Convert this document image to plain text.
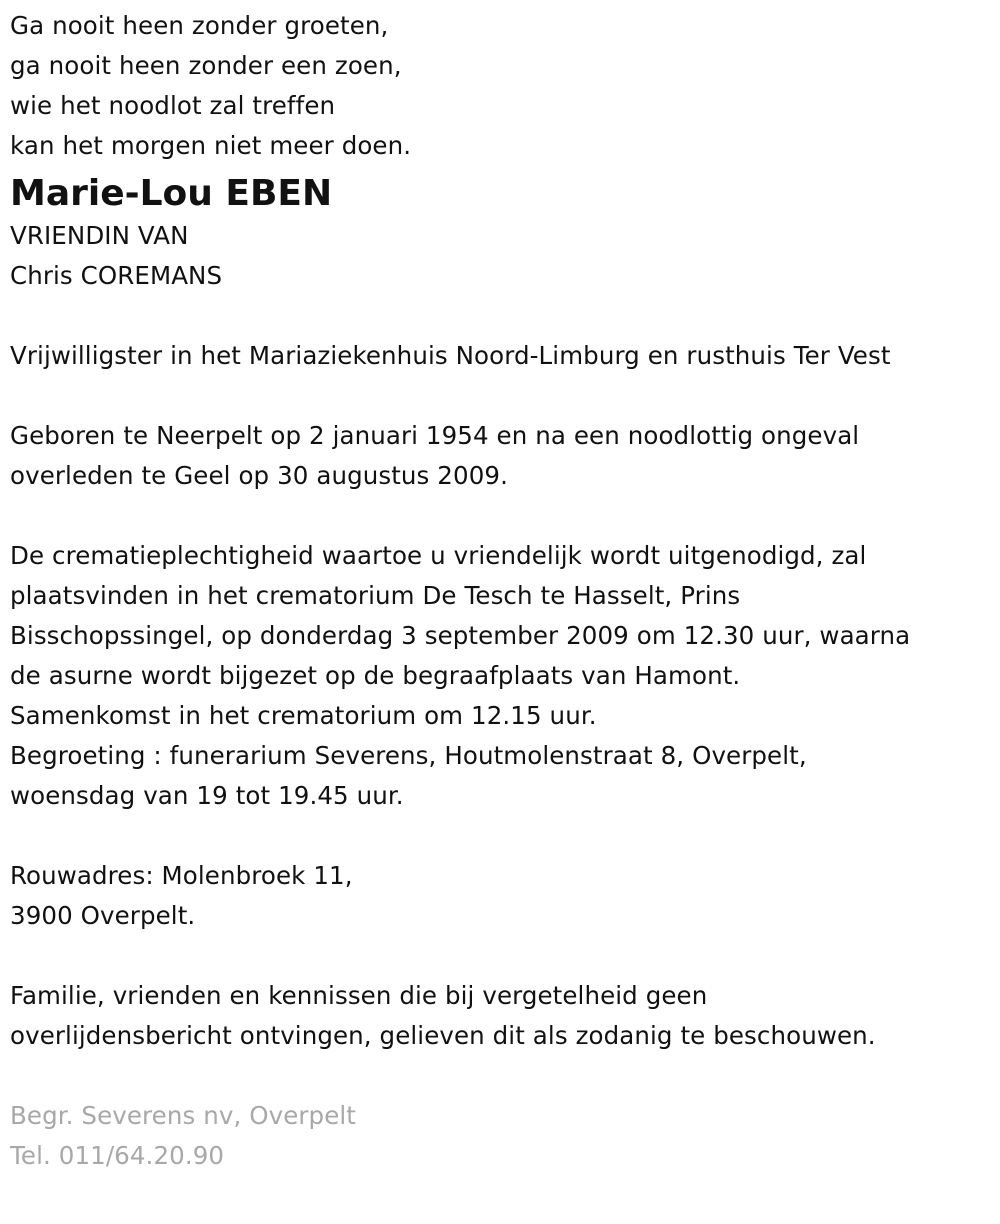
Ga nooit heen zonder groeten,
ga nooit heen zonder een zoen,
wie het noodlot zal treffen
kan het morgen niet meer doen.
Marie-Lou EBEN
VRIENDIN VAN
Chris COREMANS
Vrijwilligster in het Mariaziekenhuis Noord-Limburg en rusthuis Ter Vest
Geboren te Neerpelt op 2 januari 1954 en na een noodlottig ongeval
overleden te Geel op 30 augustus 2009.
De crematieplechtigheid waartoe u vriendelijk wordt uitgenodigd, zal
plaatsvinden in het crematorium De Tesch te Hasselt, Prins
Bisschopssingel, op donderdag 3 september 2009 om 12.30 uur, waarna
de asurne wordt bijgezet op de begraafplaats van Hamont.
Samenkomst in het crematorium om 12.15 uur.
Begroeting : funerarium Severens, Houtmolenstraat 8, Overpelt,
woensdag van 19 tot 19.45 uur.
Rouwadres: Molenbroek 11,
3900 Overpelt.
Familie, vrienden en kennissen die bij vergetelheid geen
overlijdensbericht ontvingen, gelieven dit als zodanig te beschouwen.
Begr. Severens nv, Overpelt
Tel. 011/64.20.90
